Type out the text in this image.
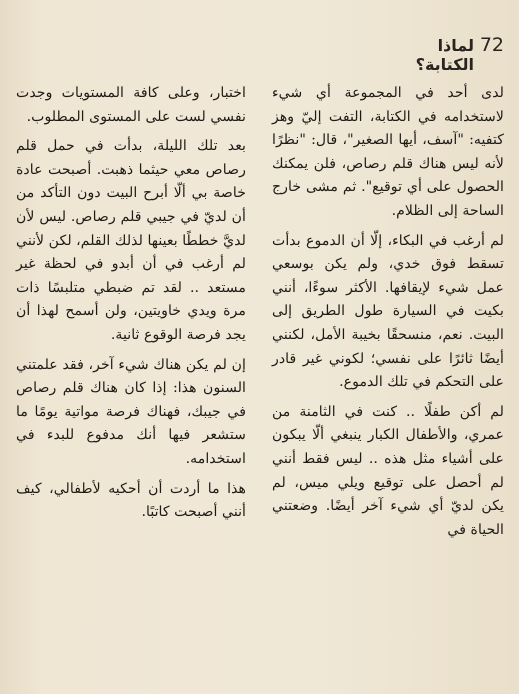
72
لماذا الكتابة؟

لدى أحد في المجموعة أي شيء لاستخدامه في الكتابة، التفت إليّ وهز كتفيه: "آسف، أيها الصغير"، قال: "نظرًا لأنه ليس هناك قلم رصاص، فلن يمكنك الحصول على أي توقيع". ثم مشى خارج الساحة إلى الظلام.

لم أرغب في البكاء، إلّا أن الدموع بدأت تسقط فوق خدي، ولم يكن بوسعي عمل شيء لإيقافها. الأكثر سوءًا، أنني بكيت في السيارة طول الطريق إلى البيت. نعم، منسحقًا بخيبة الأمل، لكنني أيضًا ثائرًا على نفسي؛ لكوني غير قادر على التحكم في تلك الدموع.

لم أكن طفلًا .. كنت في الثامنة من عمري، والأطفال الكبار ينبغي ألّا يبكون على أشياء مثل هذه .. ليس فقط أنني لم أحصل على توقيع ويلي ميس، لم يكن لديّ أي شيء آخر أيضًا. وضعتني الحياة في

اختبار، وعلى كافة المستويات وجدت نفسي لست على المستوى المطلوب.

بعد تلك الليلة، بدأت في حمل قلم رصاص معي حيثما ذهبت. أصبحت عادة خاصة بي ألّا أبرح البيت دون التأكد من أن لديّ في جيبي قلم رصاص. ليس لأن لديَّ خططًا بعينها لذلك القلم، لكن لأنني لم أرغب في أن أبدو في لحظة غير مستعد .. لقد تم ضبطي متلبسًا ذات مرة ويدي خاويتين، ولن أسمح لهذا أن يجد فرصة الوقوع ثانية.

إن لم يكن هناك شيء آخر، فقد علمتني السنون هذا: إذا كان هناك قلم رصاص في جيبك، فهناك فرصة مواتية يومًا ما ستشعر فيها أنك مدفوع للبدء في استخدامه.

هذا ما أردت أن أحكيه لأطفالي، كيف أنني أصبحت كاتبًا.
